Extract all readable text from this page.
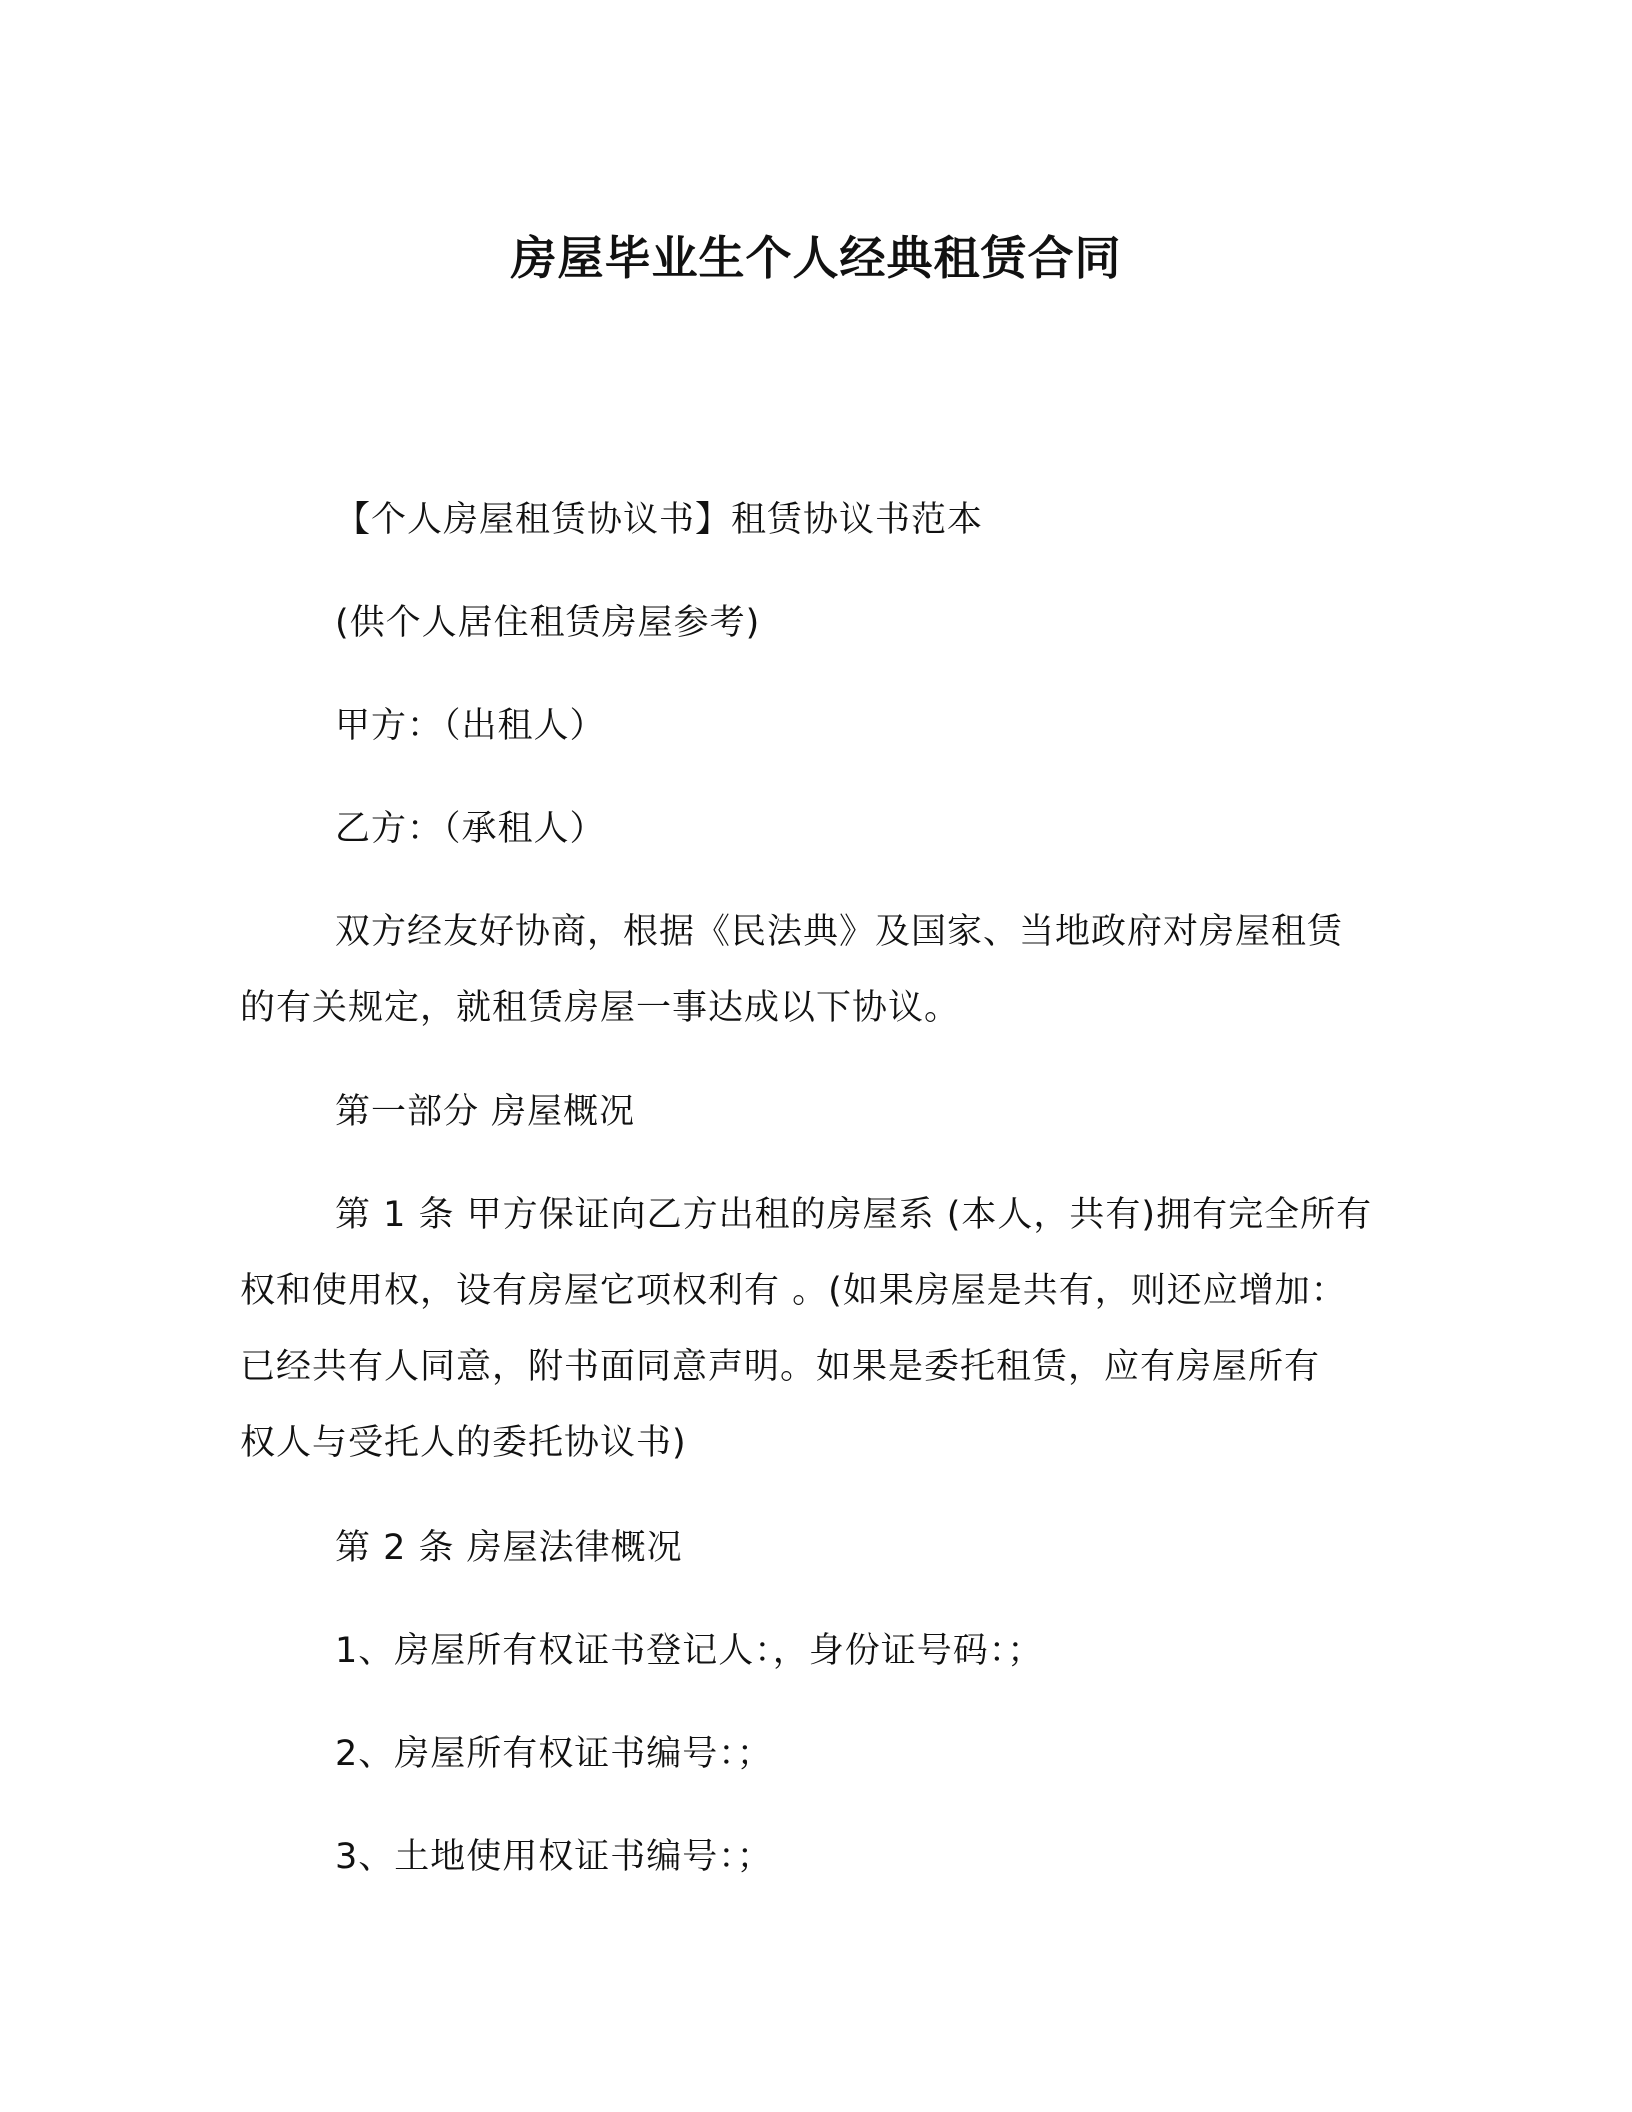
房屋毕业生个人经典租赁合同

【个人房屋租赁协议书】租赁协议书范本

(供个人居住租赁房屋参考)

甲方：（出租人）

乙方：（承租人）

双方经友好协商，根据《民法典》及国家、当地政府对房屋租赁
的有关规定，就租赁房屋一事达成以下协议。

第一部分 房屋概况

第 1 条 甲方保证向乙方出租的房屋系 (本人，共有)拥有完全所有
权和使用权，设有房屋它项权利有 。(如果房屋是共有，则还应增加：
已经共有人同意，附书面同意声明。如果是委托租赁，应有房屋所有
权人与受托人的委托协议书)

第 2 条 房屋法律概况

1、房屋所有权证书登记人：，身份证号码：；

2、房屋所有权证书编号：；

3、土地使用权证书编号：；
